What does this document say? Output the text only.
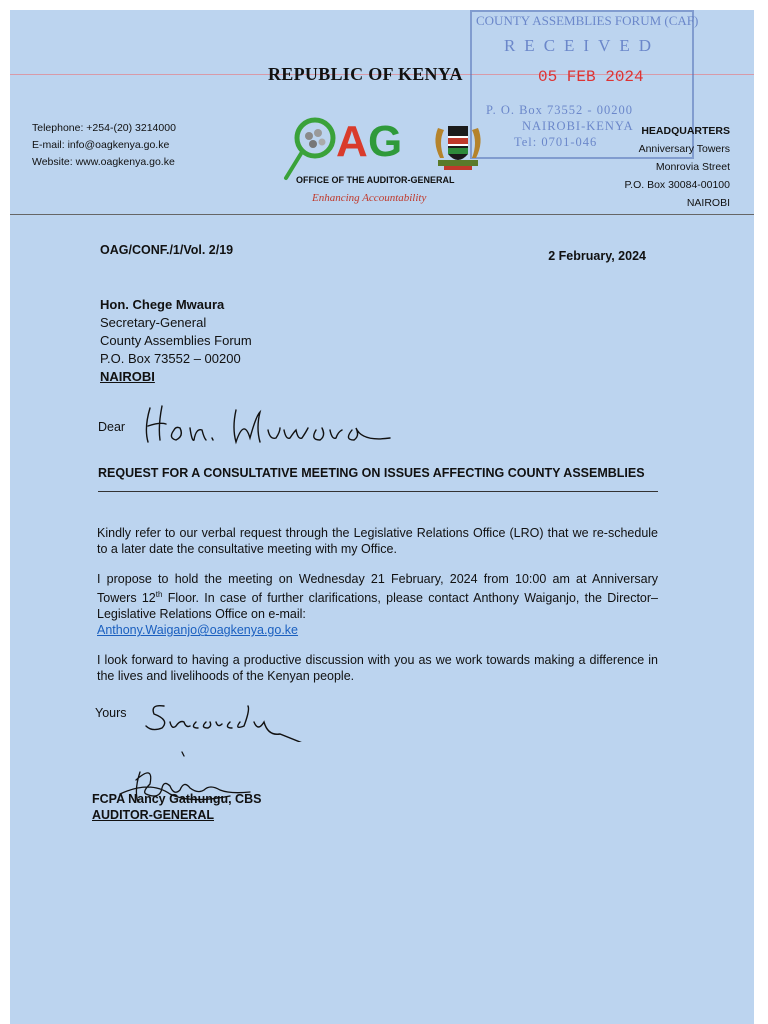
COUNTY ASSEMBLIES FORUM (CAF)
RECEIVED
P. O. Box 73552 - 00200
NAIROBI-KENYA
Tel: 0701-046
05 FEB 2024
REPUBLIC OF KENYA
Telephone: +254-(20) 3214000
E-mail: info@oagkenya.go.ke
Website: www.oagkenya.go.ke	A G
OFFICE OF THE AUDITOR-GENERAL
Enhancing Accountability
HEADQUARTERS
Anniversary Towers
Monrovia Street
P.O. Box 30084-00100
NAIROBI
OAG/CONF./1/Vol. 2/19	2 February, 2024
Hon. Chege Mwaura
Secretary-General
County Assemblies Forum
P.O. Box 73552 – 00200
NAIROBI
Dear
REQUEST FOR A CONSULTATIVE MEETING ON ISSUES AFFECTING COUNTY ASSEMBLIES

Kindly refer to our verbal request through the Legislative Relations Office (LRO) that we re-schedule to a later date the consultative meeting with my Office.

I propose to hold the meeting on Wednesday 21 February, 2024 from 10:00 am at Anniversary Towers 12th Floor. In case of further clarifications, please contact Anthony Waiganjo, the Director–Legislative Relations Office on e-mail:
Anthony.Waiganjo@oagkenya.go.ke

I look forward to having a productive discussion with you as we work towards making a difference in the lives and livelihoods of the Kenyan people.

Yours
FCPA Nancy Gathungu, CBS
AUDITOR-GENERAL
